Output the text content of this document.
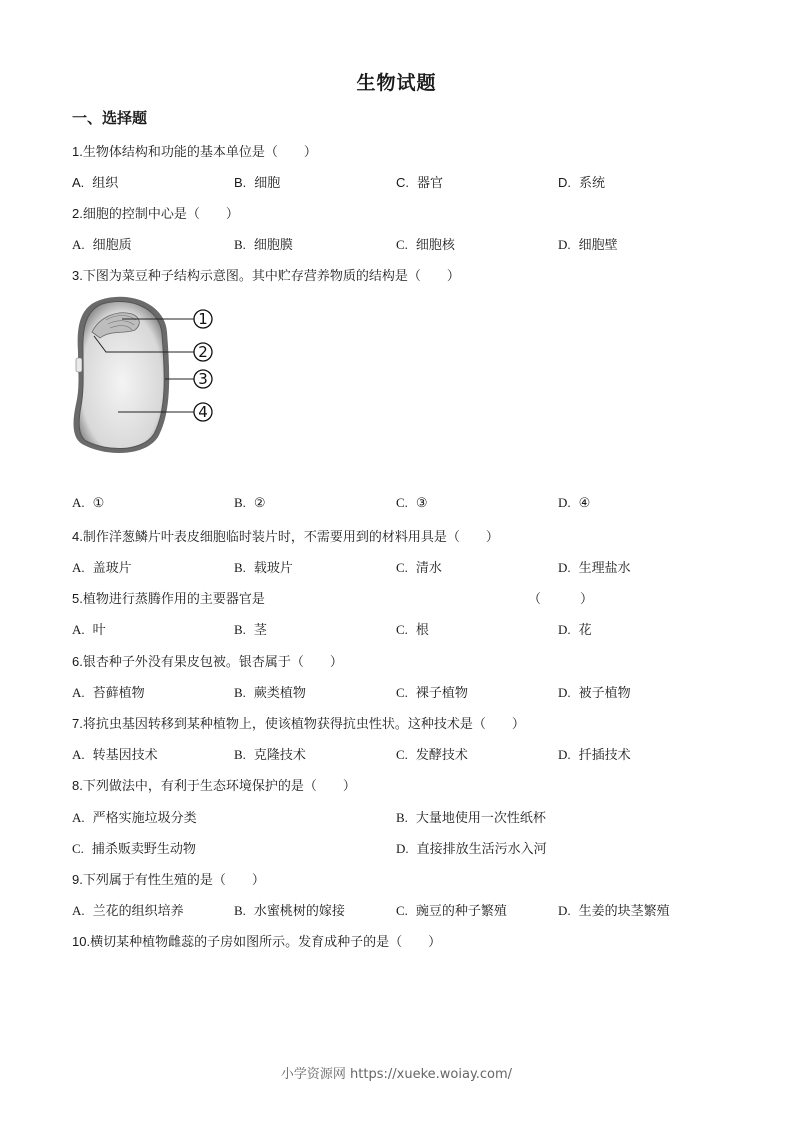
生物试题
一、选择题
1.生物体结构和功能的基本单位是（　　）
A. 组织	B. 细胞	C. 器官	D. 系统
2.细胞的控制中心是（　　）
A. 细胞质	B. 细胞膜	C. 细胞核	D. 细胞壁
3.下图为菜豆种子结构示意图。其中贮存营养物质的结构是（　　）
1
2
3
4
A. ①	B. ②	C. ③	D. ④
4.制作洋葱鳞片叶表皮细胞临时装片时，不需要用到的材料用具是（　　）
A. 盖玻片	B. 载玻片	C. 清水	D. 生理盐水
5.植物进行蒸腾作用的主要器官是	（　　　）
A. 叶	B. 茎	C. 根	D. 花
6.银杏种子外没有果皮包被。银杏属于（　　）
A. 苔藓植物	B. 蕨类植物	C. 裸子植物	D. 被子植物
7.将抗虫基因转移到某种植物上，使该植物获得抗虫性状。这种技术是（　　）
A. 转基因技术	B. 克隆技术	C. 发酵技术	D. 扦插技术
8.下列做法中，有利于生态环境保护的是（　　）
A. 严格实施垃圾分类	B. 大量地使用一次性纸杯
C. 捕杀贩卖野生动物	D. 直接排放生活污水入河
9.下列属于有性生殖的是（　　）
A. 兰花的组织培养	B. 水蜜桃树的嫁接	C. 豌豆的种子繁殖	D. 生姜的块茎繁殖
10.横切某种植物雌蕊的子房如图所示。发育成种子的是（　　）
小学资源网 https://xueke.woiay.com/
